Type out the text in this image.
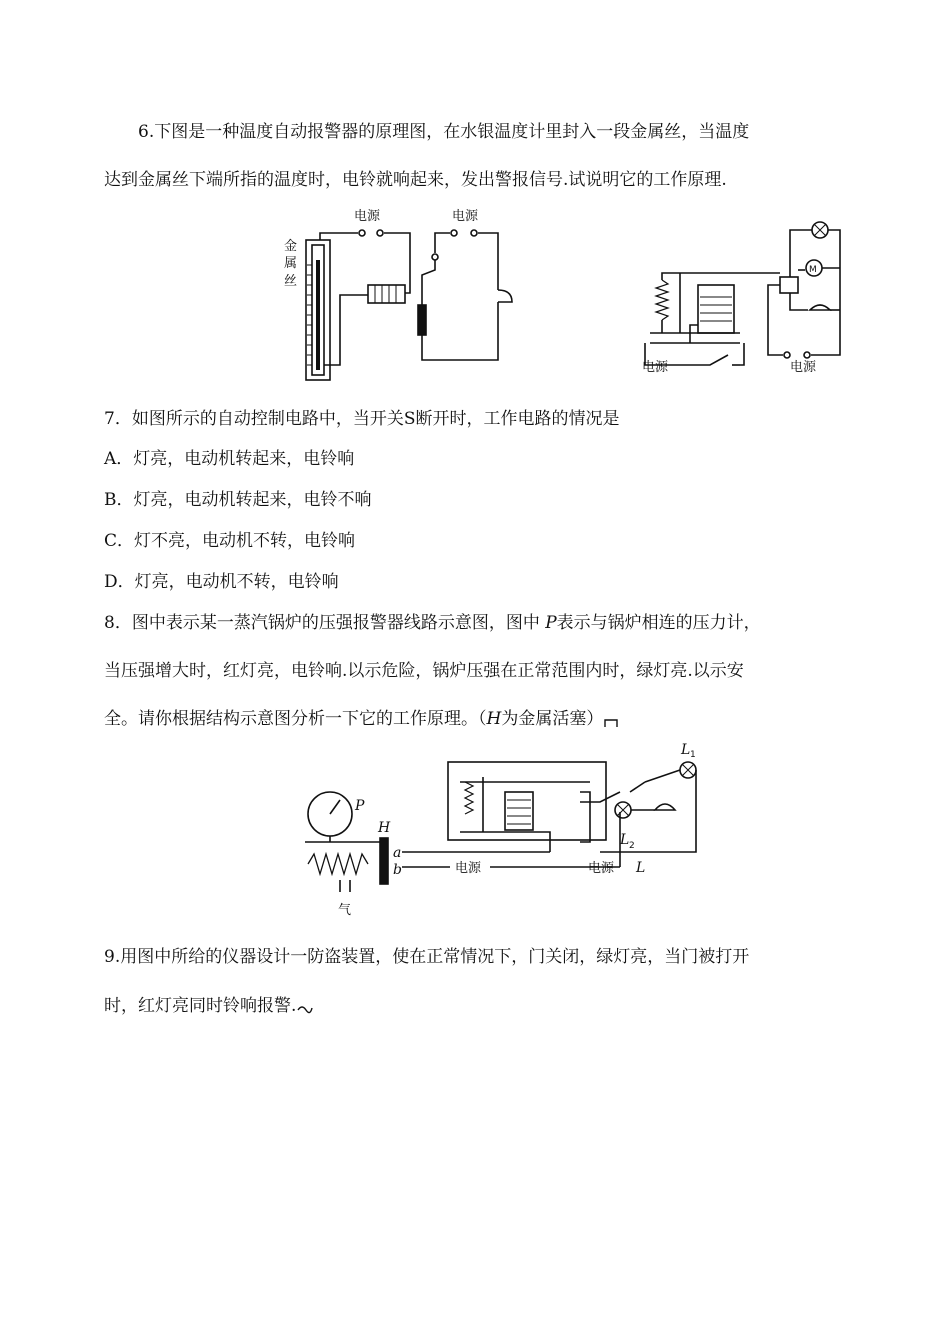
6.下图是一种温度自动报警器的原理图，在水银温度计里封入一段金属丝，当温度
达到金属丝下端所指的温度时，电铃就响起来，发出警报信号.试说明它的工作原理.
金
属
丝
电源	电源
电源
M
电源
7．如图所示的自动控制电路中，当开关S断开时，工作电路的情况是
A．灯亮，电动机转起来，电铃响
B．灯亮，电动机转起来，电铃不响
C．灯不亮，电动机不转，电铃响
D．灯亮，电动机不转，电铃响
8．图中表示某一蒸汽锅炉的压强报警器线路示意图，图中 P表示与锅炉相连的压力计，
当压强增大时，红灯亮，电铃响.以示危险，锅炉压强在正常范围内时，绿灯亮.以示安
全。请你根据结构示意图分析一下它的工作原理。（H为金属活塞）
P
H
a
b
气
电源
L 1
L 2
电源 L
9.用图中所给的仪器设计一防盗装置，使在正常情况下，门关闭，绿灯亮，当门被打开
时，红灯亮同时铃响报警.
